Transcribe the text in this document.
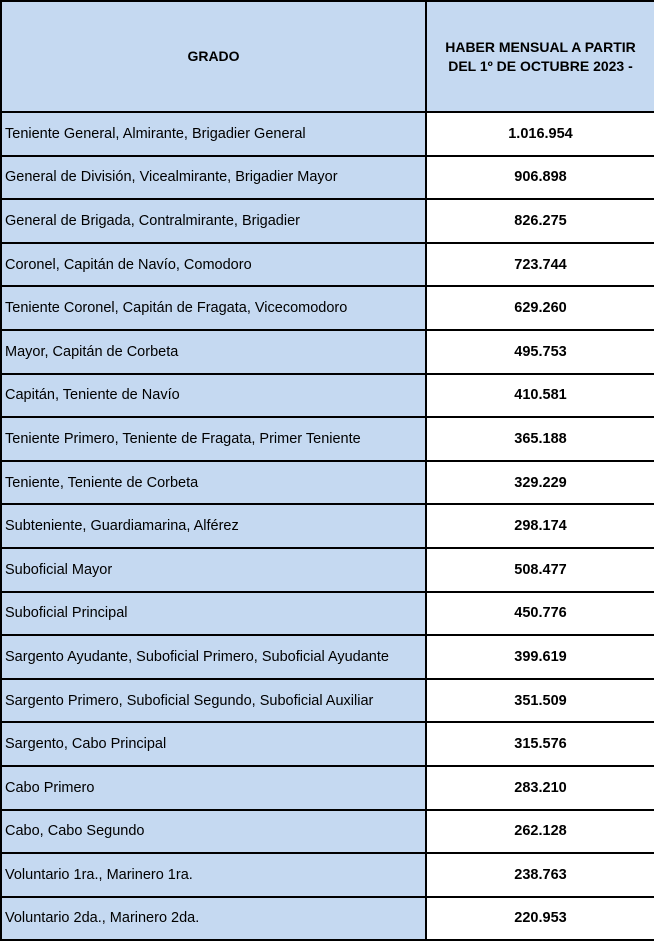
GRADO	HABER MENSUAL A PARTIR
DEL 1º DE OCTUBRE 2023 -
Teniente General, Almirante, Brigadier General	1.016.954
General de División, Vicealmirante, Brigadier Mayor	906.898
General de Brigada, Contralmirante, Brigadier	826.275
Coronel, Capitán de Navío, Comodoro	723.744
Teniente Coronel, Capitán de Fragata, Vicecomodoro	629.260
Mayor, Capitán de Corbeta	495.753
Capitán, Teniente de Navío	410.581
Teniente Primero, Teniente de Fragata, Primer Teniente	365.188
Teniente, Teniente de Corbeta	329.229
Subteniente, Guardiamarina, Alférez	298.174
Suboficial Mayor	508.477
Suboficial Principal	450.776
Sargento Ayudante, Suboficial Primero, Suboficial Ayudante	399.619
Sargento Primero, Suboficial Segundo, Suboficial Auxiliar	351.509
Sargento, Cabo Principal	315.576
Cabo Primero	283.210
Cabo, Cabo Segundo	262.128
Voluntario 1ra., Marinero 1ra.	238.763
Voluntario 2da., Marinero 2da.	220.953
